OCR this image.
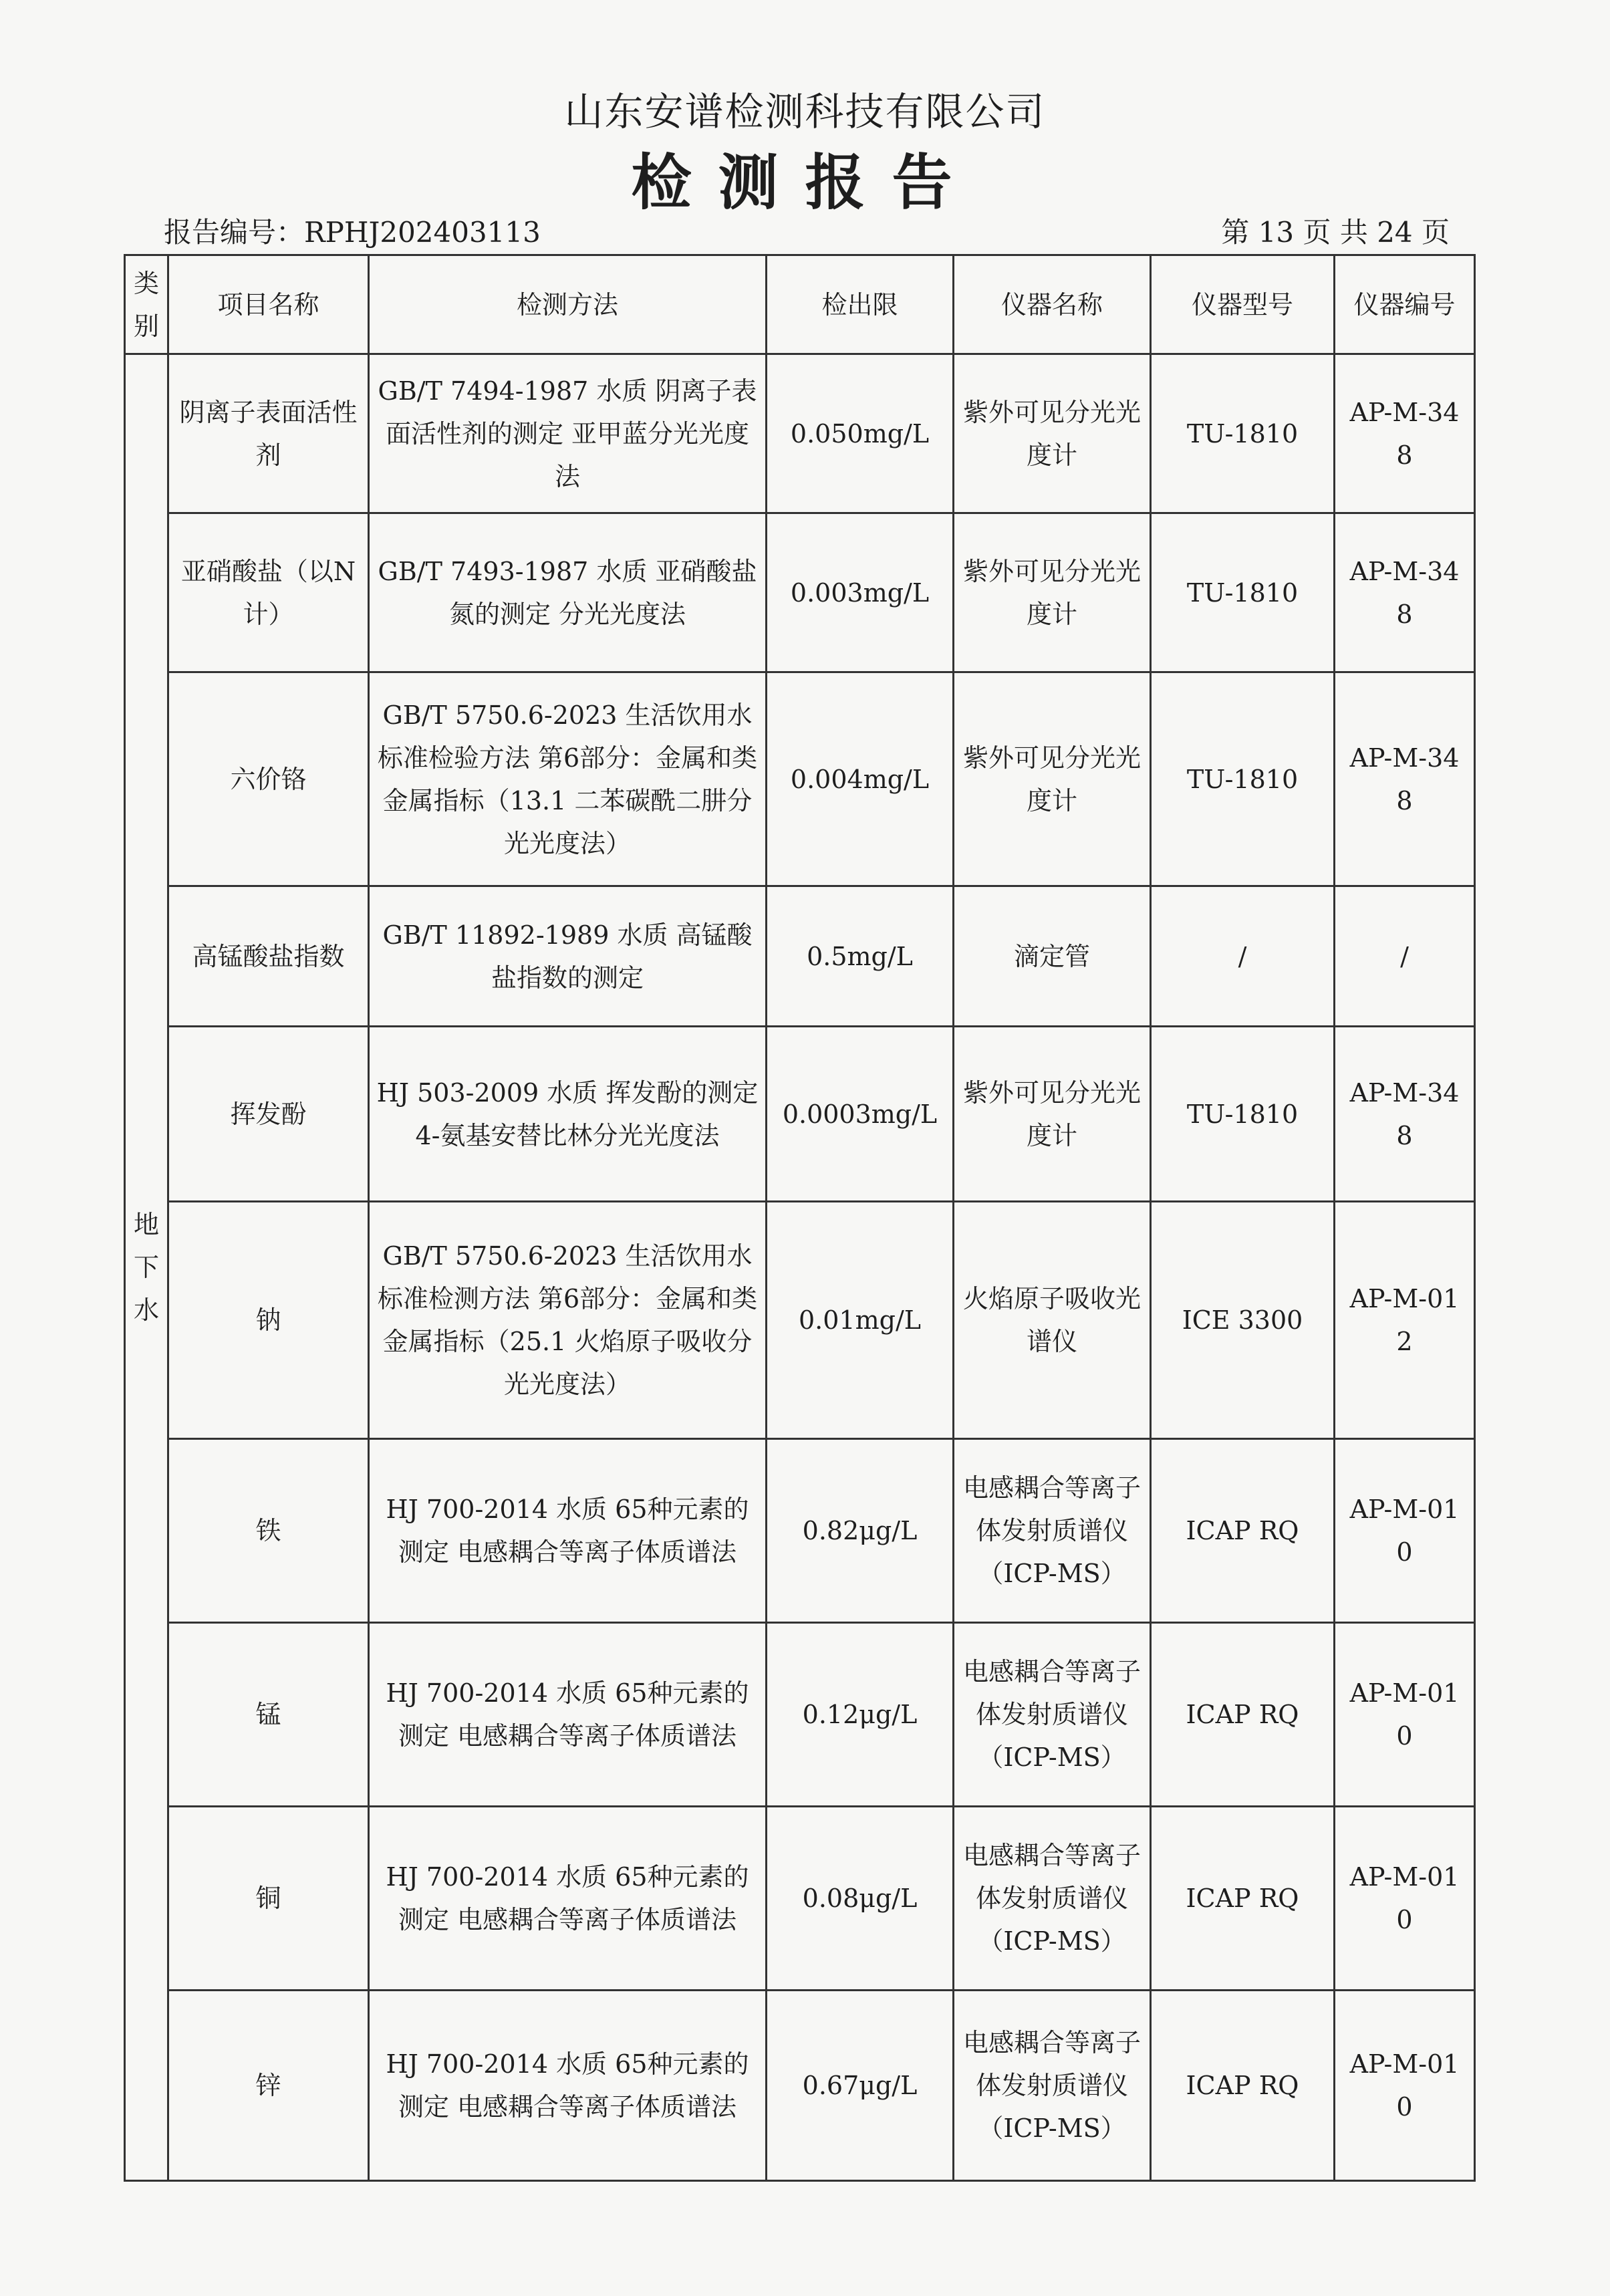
山东安谱检测科技有限公司
检测报告
报告编号：RPHJ202403113	第 13 页 共 24 页
类别	项目名称	检测方法	检出限	仪器名称	仪器型号	仪器编号
地下水	阴离子表面活性剂	GB/T 7494-1987 水质 阴离子表面活性剂的测定 亚甲蓝分光光度法	0.050mg/L	紫外可见分光光度计	TU-1810	AP-M-348
	亚硝酸盐（以N计）	GB/T 7493-1987 水质 亚硝酸盐氮的测定 分光光度法	0.003mg/L	紫外可见分光光度计	TU-1810	AP-M-348
	六价铬	GB/T 5750.6-2023 生活饮用水标准检验方法 第6部分：金属和类金属指标（13.1 二苯碳酰二肼分光光度法）	0.004mg/L	紫外可见分光光度计	TU-1810	AP-M-348
	高锰酸盐指数	GB/T 11892-1989 水质 高锰酸盐指数的测定	0.5mg/L	滴定管	/	/
	挥发酚	HJ 503-2009 水质 挥发酚的测定 4-氨基安替比林分光光度法	0.0003mg/L	紫外可见分光光度计	TU-1810	AP-M-348
	钠	GB/T 5750.6-2023 生活饮用水标准检测方法 第6部分：金属和类金属指标（25.1 火焰原子吸收分光光度法）	0.01mg/L	火焰原子吸收光谱仪	ICE 3300	AP-M-012
	铁	HJ 700-2014 水质 65种元素的测定 电感耦合等离子体质谱法	0.82μg/L	电感耦合等离子体发射质谱仪（ICP-MS）	ICAP RQ	AP-M-010
	锰	HJ 700-2014 水质 65种元素的测定 电感耦合等离子体质谱法	0.12μg/L	电感耦合等离子体发射质谱仪（ICP-MS）	ICAP RQ	AP-M-010
	铜	HJ 700-2014 水质 65种元素的测定 电感耦合等离子体质谱法	0.08μg/L	电感耦合等离子体发射质谱仪（ICP-MS）	ICAP RQ	AP-M-010
	锌	HJ 700-2014 水质 65种元素的测定 电感耦合等离子体质谱法	0.67μg/L	电感耦合等离子体发射质谱仪（ICP-MS）	ICAP RQ	AP-M-010
